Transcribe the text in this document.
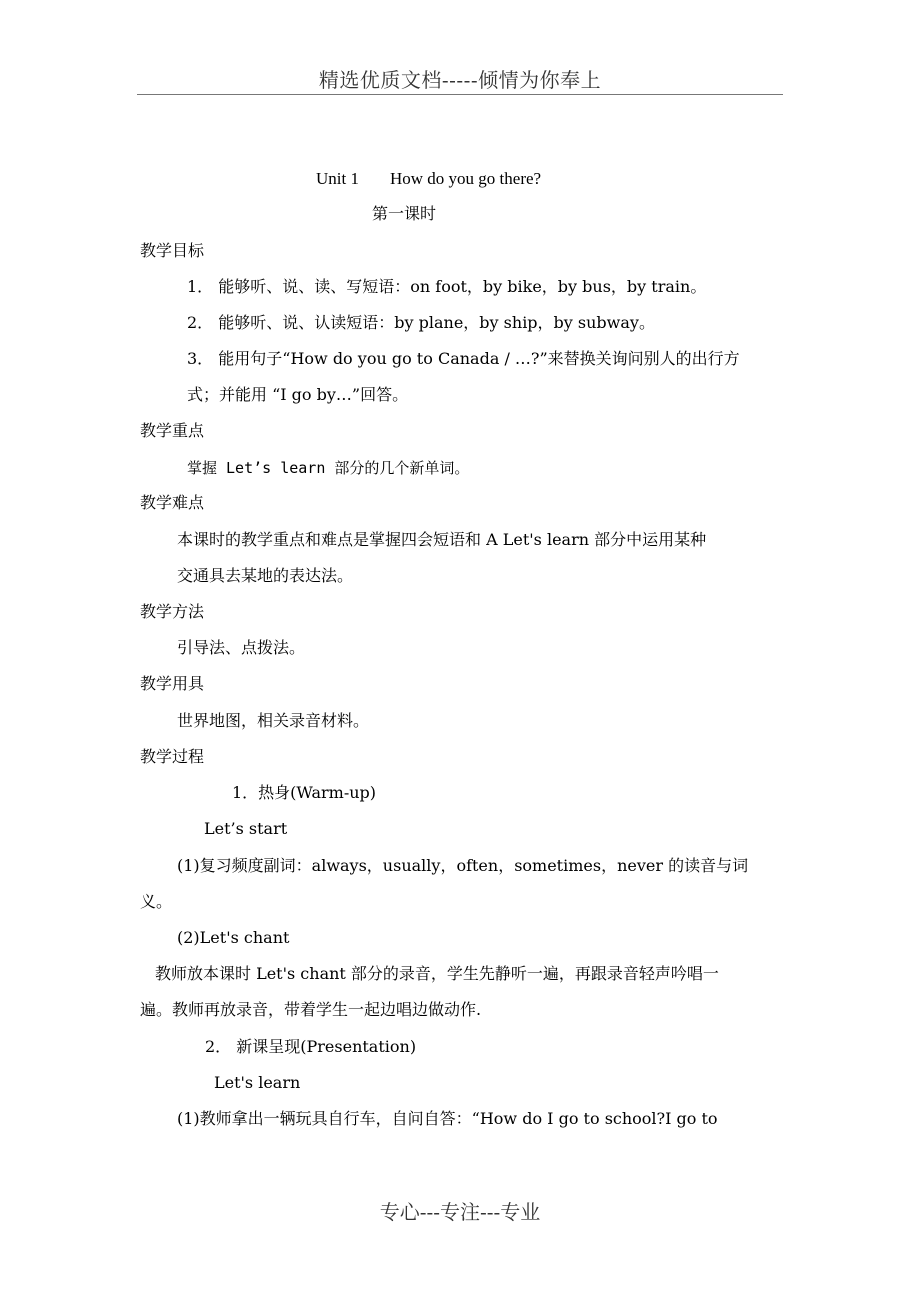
精选优质文档-----倾情为你奉上
Unit 1 How do you go there?
第一课时
教学目标
1． 能够听、说、读、写短语：on foot，by bike，by bus，by train。
2． 能够听、说、认读短语：by plane，by ship，by subway。
3． 能用句子“How do you go to Canada / …?”来替换关询问别人的出行方
式；并能用 “I go by…”回答。
教学重点
掌握 Let’s learn 部分的几个新单词。
教学难点
本课时的教学重点和难点是掌握四会短语和 A Let's learn 部分中运用某种
交通具去某地的表达法。
教学方法
引导法、点拨法。
教学用具
世界地图，相关录音材料。
教学过程
1．热身(Warm-up)
Let’s start
(1)复习频度副词：always，usually，often，sometimes，never 的读音与词
义。
(2)Let's chant
教师放本课时 Let's chant 部分的录音，学生先静听一遍，再跟录音轻声吟唱一
遍。教师再放录音，带着学生一起边唱边做动作.
2． 新课呈现(Presentation)
Let's learn
(1)教师拿出一辆玩具自行车，自问自答：“How do I go to school?I go to
专心---专注---专业
